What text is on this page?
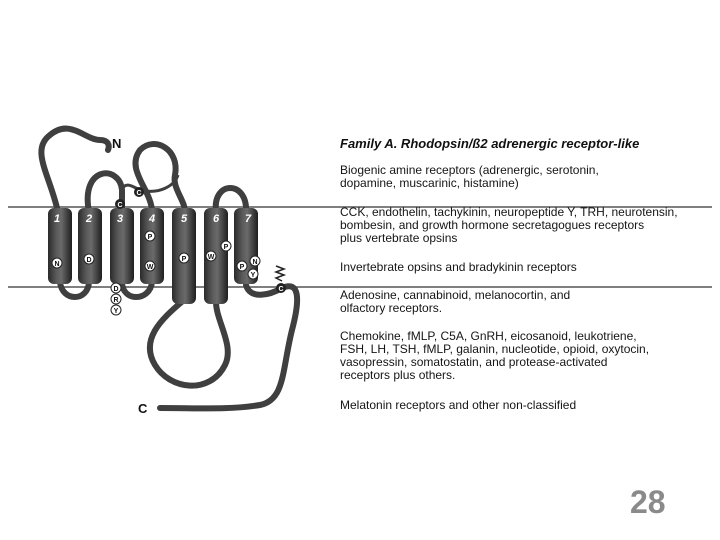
1 2 3 4 5 6 7
N
C
C
C
N
D
D
R
Y
P
W
P
P
W
N
P
Y
C
Family A. Rhodopsin/ß2 adrenergic receptor-like
Biogenic amine receptors (adrenergic, serotonin,
dopamine, muscarinic, histamine)
CCK, endothelin, tachykinin, neuropeptide Y, TRH, neurotensin,
bombesin, and growth hormone secretagogues receptors
plus vertebrate opsins
Invertebrate opsins and bradykinin receptors
Adenosine, cannabinoid, melanocortin, and
olfactory receptors.
Chemokine, fMLP, C5A, GnRH, eicosanoid, leukotriene,
FSH, LH, TSH, fMLP, galanin, nucleotide, opioid, oxytocin,
vasopressin, somatostatin, and protease-activated
receptors plus others.
Melatonin receptors and other non-classified
28
